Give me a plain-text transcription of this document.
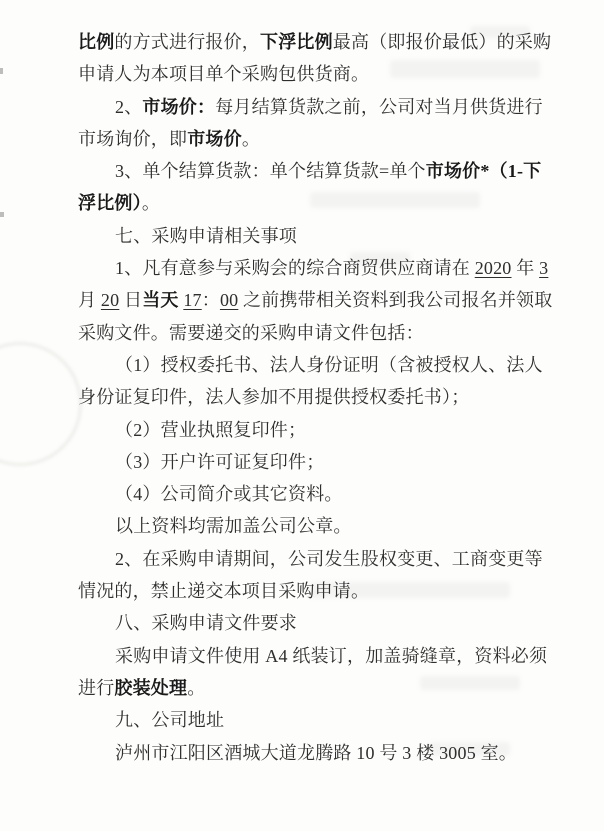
比例的方式进行报价，下浮比例最高（即报价最低）的采购
申请人为本项目单个采购包供货商。
2、市场价：每月结算货款之前，公司对当月供货进行
市场询价，即市场价。
3、单个结算货款：单个结算货款=单个市场价*（1-下
浮比例）。
七、采购申请相关事项
1、凡有意参与采购会的综合商贸供应商请在 2020 年 3
月 20 日当天 17：00 之前携带相关资料到我公司报名并领取
采购文件。需要递交的采购申请文件包括：
（1）授权委托书、法人身份证明（含被授权人、法人
身份证复印件，法人参加不用提供授权委托书）；
（2）营业执照复印件；
（3）开户许可证复印件；
（4）公司简介或其它资料。
以上资料均需加盖公司公章。
2、在采购申请期间，公司发生股权变更、工商变更等
情况的，禁止递交本项目采购申请。
八、采购申请文件要求
采购申请文件使用 A4 纸装订，加盖骑缝章，资料必须
进行胶装处理。
九、公司地址
泸州市江阳区酒城大道龙腾路 10 号 3 楼 3005 室。
